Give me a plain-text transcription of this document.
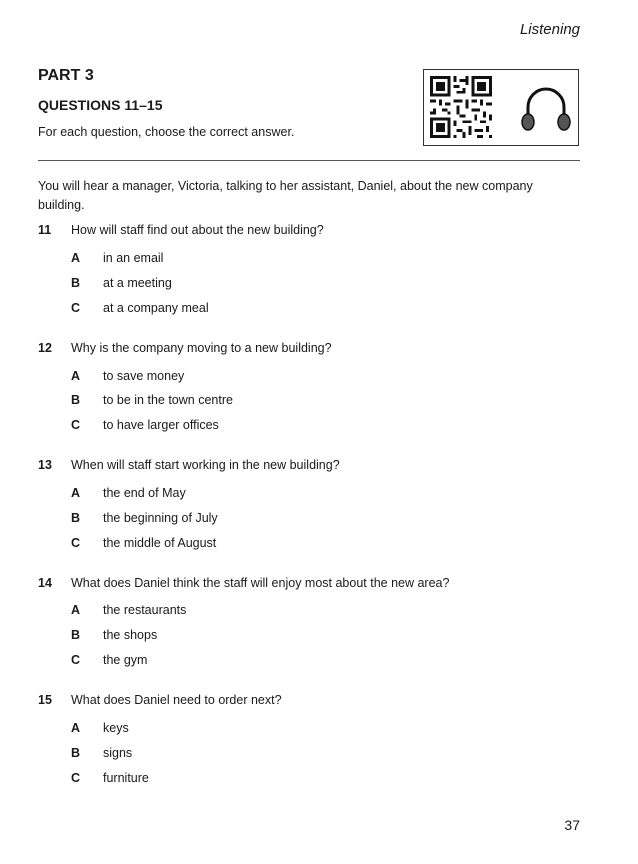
Listening
PART 3
QUESTIONS 11–15
For each question, choose the correct answer.
You will hear a manager, Victoria, talking to her assistant, Daniel, about the new company building.
11 How will staff find out about the new building?
A in an email
B at a meeting
C at a company meal
12 Why is the company moving to a new building?
A to save money
B to be in the town centre
C to have larger offices
13 When will staff start working in the new building?
A the end of May
B the beginning of July
C the middle of August
14 What does Daniel think the staff will enjoy most about the new area?
A the restaurants
B the shops
C the gym
15 What does Daniel need to order next?
A keys
B signs
C furniture
37
